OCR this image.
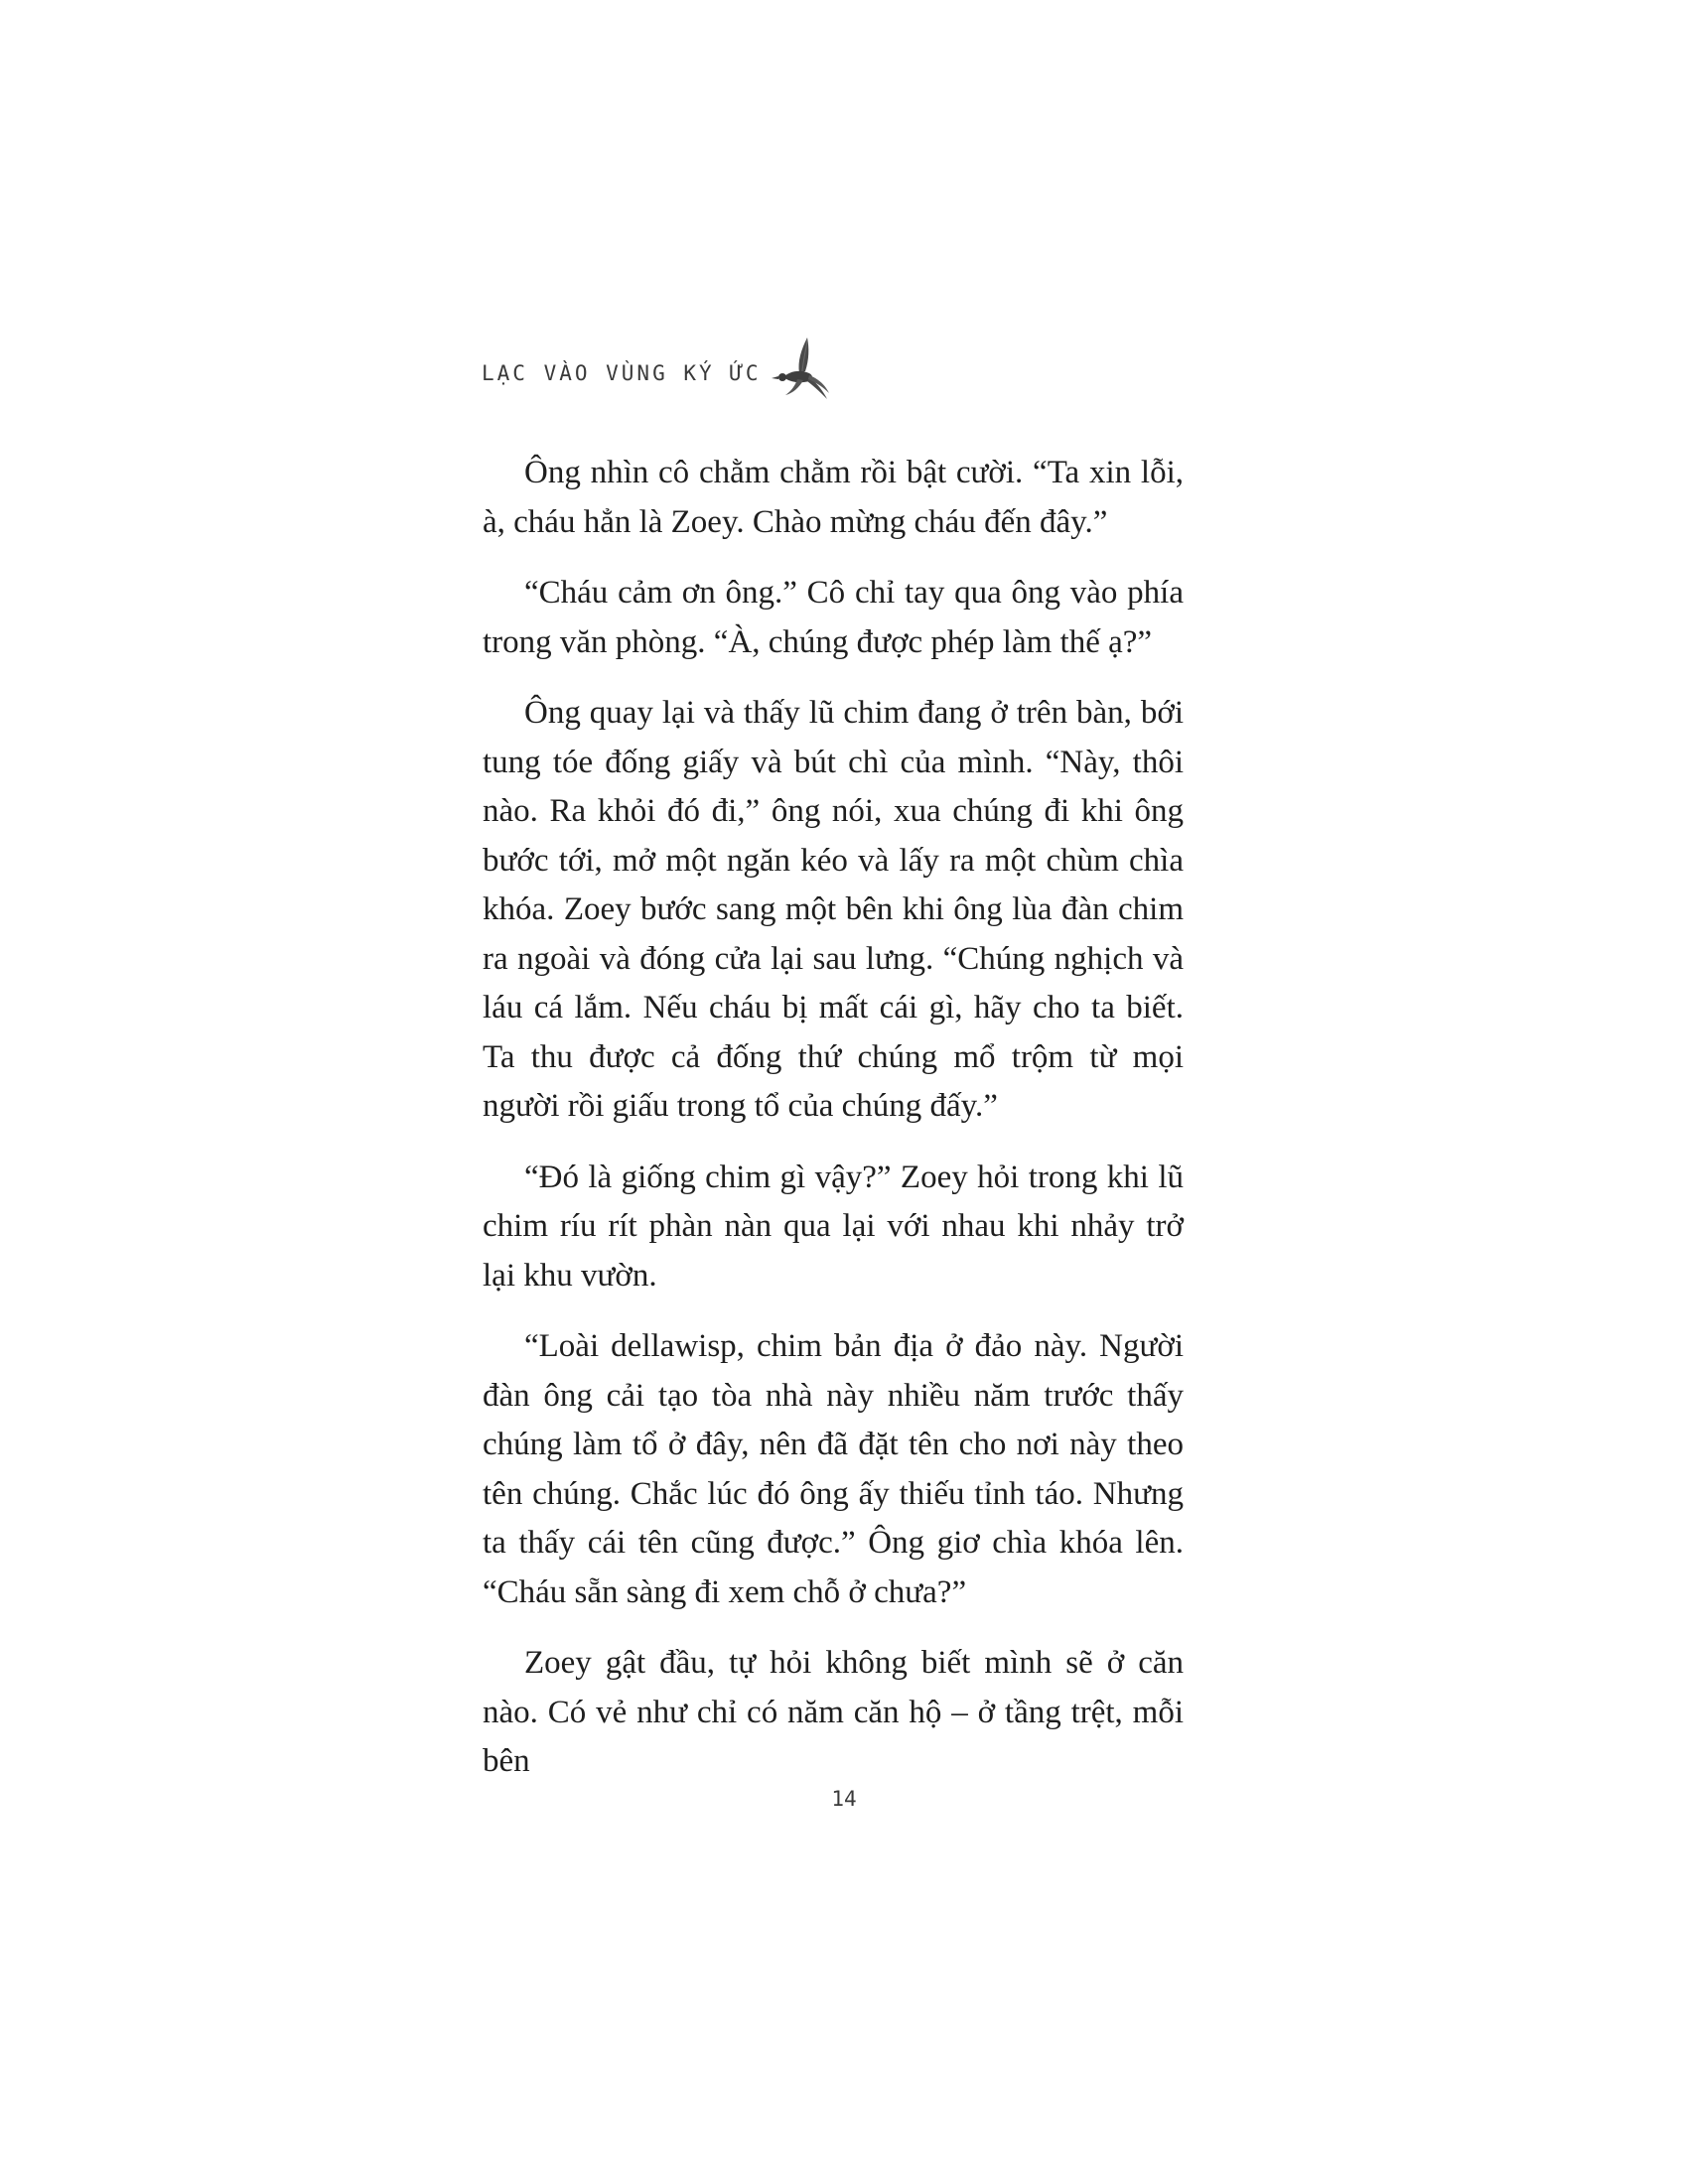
LẠC VÀO VÙNG KÝ ỨC

Ông nhìn cô chằm chằm rồi bật cười. “Ta xin lỗi, à, cháu hẳn là Zoey. Chào mừng cháu đến đây.”

“Cháu cảm ơn ông.” Cô chỉ tay qua ông vào phía trong văn phòng. “À, chúng được phép làm thế ạ?”

Ông quay lại và thấy lũ chim đang ở trên bàn, bới tung tóe đống giấy và bút chì của mình. “Này, thôi nào. Ra khỏi đó đi,” ông nói, xua chúng đi khi ông bước tới, mở một ngăn kéo và lấy ra một chùm chìa khóa. Zoey bước sang một bên khi ông lùa đàn chim ra ngoài và đóng cửa lại sau lưng. “Chúng nghịch và láu cá lắm. Nếu cháu bị mất cái gì, hãy cho ta biết. Ta thu được cả đống thứ chúng mổ trộm từ mọi người rồi giấu trong tổ của chúng đấy.”

“Đó là giống chim gì vậy?” Zoey hỏi trong khi lũ chim ríu rít phàn nàn qua lại với nhau khi nhảy trở lại khu vườn.

“Loài dellawisp, chim bản địa ở đảo này. Người đàn ông cải tạo tòa nhà này nhiều năm trước thấy chúng làm tổ ở đây, nên đã đặt tên cho nơi này theo tên chúng. Chắc lúc đó ông ấy thiếu tỉnh táo. Nhưng ta thấy cái tên cũng được.” Ông giơ chìa khóa lên. “Cháu sẵn sàng đi xem chỗ ở chưa?”

Zoey gật đầu, tự hỏi không biết mình sẽ ở căn nào. Có vẻ như chỉ có năm căn hộ – ở tầng trệt, mỗi bên

14
